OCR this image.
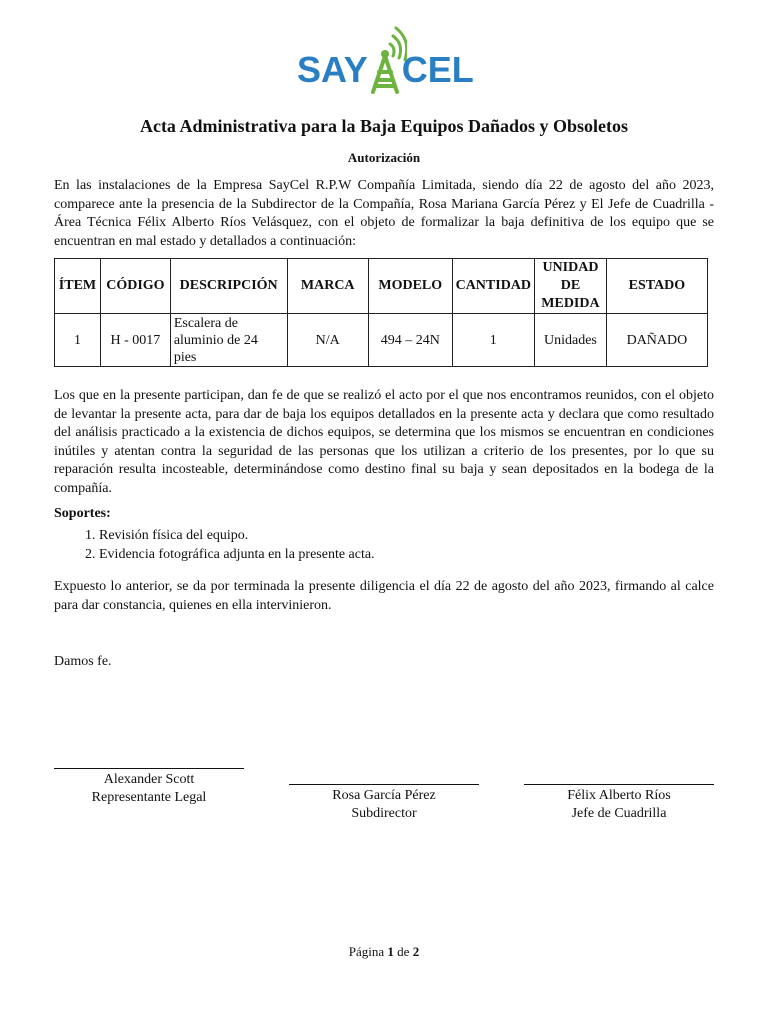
SAY CEL
Acta Administrativa para la Baja Equipos Dañados y Obsoletos
Autorización
En las instalaciones de la Empresa SayCel R.P.W Compañía Limitada, siendo día 22 de agosto del año 2023, comparece ante la presencia de la Subdirector de la Compañía, Rosa Mariana García Pérez y El Jefe de Cuadrilla - Área Técnica Félix Alberto Ríos Velásquez, con el objeto de formalizar la baja definitiva de los equipo que se encuentran en mal estado y detallados a continuación:
ÍTEM	CÓDIGO	DESCRIPCIÓN	MARCA	MODELO	CANTIDAD	UNIDAD DE MEDIDA	ESTADO
1	H - 0017	Escalera de aluminio de 24 pies	N/A	494 – 24N	1	Unidades	DAÑADO
Los que en la presente participan, dan fe de que se realizó el acto por el que nos encontramos reunidos, con el objeto de levantar la presente acta, para dar de baja los equipos detallados en la presente acta y declara que como resultado del análisis practicado a la existencia de dichos equipos, se determina que los mismos se encuentran en condiciones inútiles y atentan contra la seguridad de las personas que los utilizan a criterio de los presentes, por lo que su reparación resulta incosteable, determinándose como destino final su baja y sean depositados en la bodega de la compañía.
Soportes:
1. Revisión física del equipo.
2. Evidencia fotográfica adjunta en la presente acta.
Expuesto lo anterior, se da por terminada la presente diligencia el día 22 de agosto del año 2023, firmando al calce para dar constancia, quienes en ella intervinieron.
Damos fe.
Alexander Scott
Representante Legal	Rosa García Pérez
Subdirector
Félix Alberto Ríos
Jefe de Cuadrilla
Página 1 de 2
